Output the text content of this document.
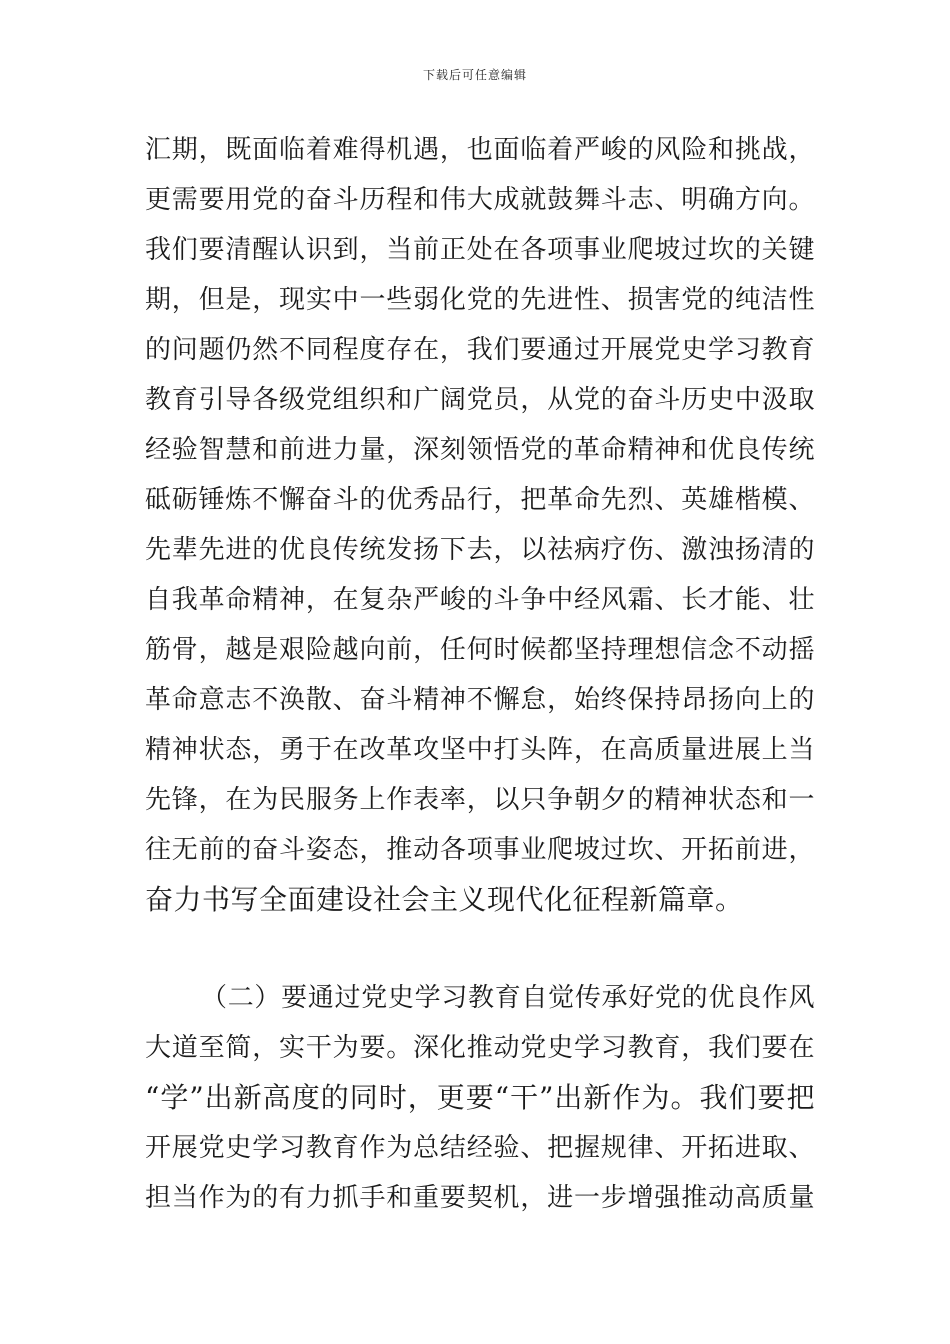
下载后可任意编辑
汇期，既面临着难得机遇，也面临着严峻的风险和挑战，
更需要用党的奋斗历程和伟大成就鼓舞斗志、明确方向。
我们要清醒认识到，当前正处在各项事业爬坡过坎的关键
期，但是，现实中一些弱化党的先进性、损害党的纯洁性
的问题仍然不同程度存在，我们要通过开展党史学习教育
教育引导各级党组织和广阔党员，从党的奋斗历史中汲取
经验智慧和前进力量，深刻领悟党的革命精神和优良传统
砥砺锤炼不懈奋斗的优秀品行，把革命先烈、英雄楷模、
先辈先进的优良传统发扬下去，以祛病疗伤、激浊扬清的
自我革命精神，在复杂严峻的斗争中经风霜、长才能、壮
筋骨，越是艰险越向前，任何时候都坚持理想信念不动摇
革命意志不涣散、奋斗精神不懈怠，始终保持昂扬向上的
精神状态，勇于在改革攻坚中打头阵，在高质量进展上当
先锋，在为民服务上作表率，以只争朝夕的精神状态和一
往无前的奋斗姿态，推动各项事业爬坡过坎、开拓前进，
奋力书写全面建设社会主义现代化征程新篇章。
（二）要通过党史学习教育自觉传承好党的优良作风
大道至简，实干为要。深化推动党史学习教育，我们要在
“学”出新高度的同时，更要“干”出新作为。我们要把
开展党史学习教育作为总结经验、把握规律、开拓进取、
担当作为的有力抓手和重要契机，进一步增强推动高质量
